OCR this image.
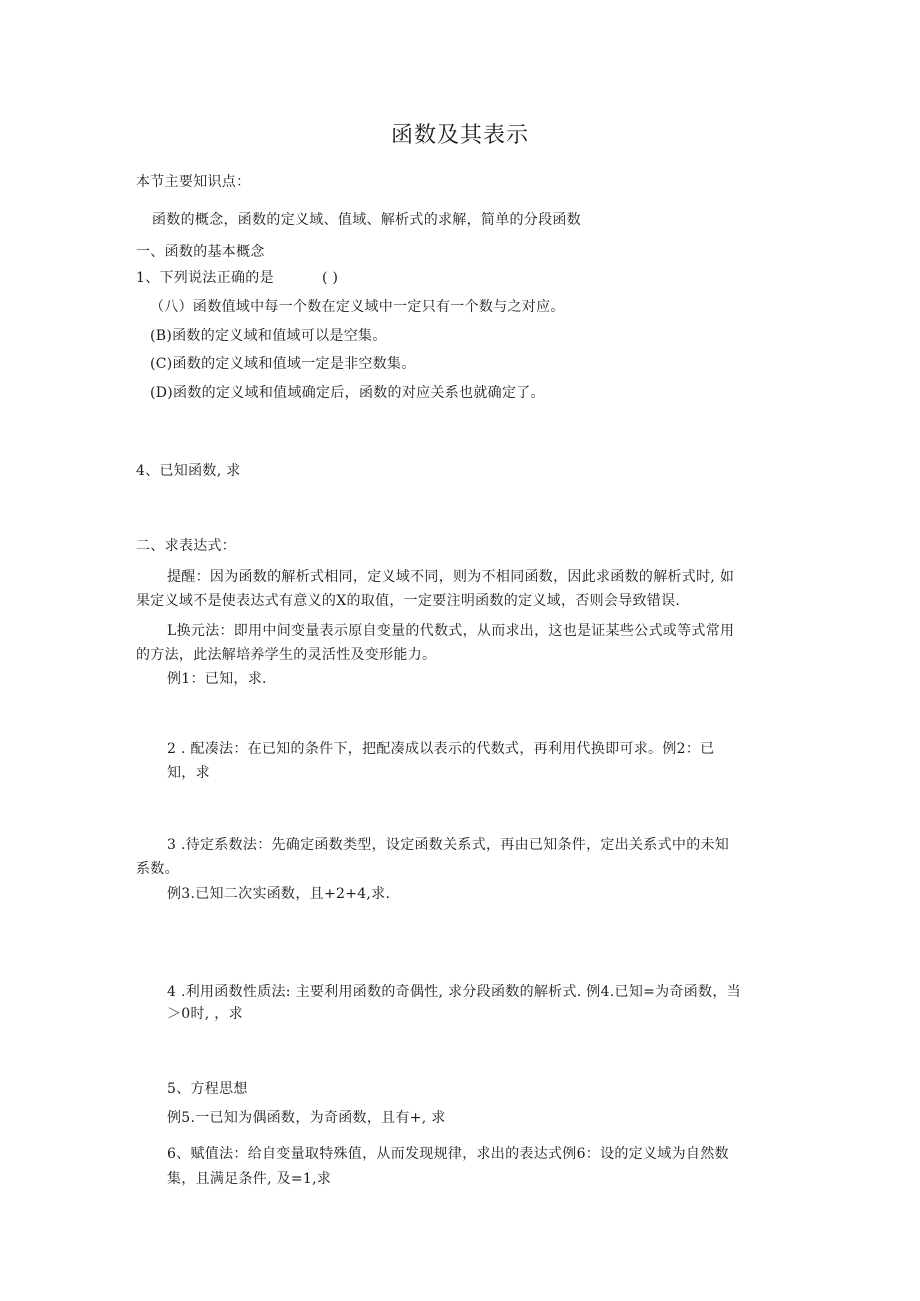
函数及其表示
本节主要知识点：
函数的概念，函数的定义域、值域、解析式的求解，简单的分段函数
一、函数的基本概念
1、下列说法正确的是	( )
（八）函数值域中每一个数在定义域中一定只有一个数与之对应。
(B)函数的定义域和值域可以是空集。
(C)函数的定义域和值域一定是非空数集。
(D)函数的定义域和值域确定后，函数的对应关系也就确定了。
4、已知函数, 求
二、求表达式：
提醒：因为函数的解析式相同，定义域不同，则为不相同函数，因此求函数的解析式时, 如
果定义域不是使表达式有意义的X的取值，一定要注明函数的定义域，否则会导致错误.
L换元法：即用中间变量表示原自变量的代数式，从而求出，这也是证某些公式或等式常用
的方法，此法解培养学生的灵活性及变形能力。
例1：已知，求.
2 . 配凑法：在已知的条件下，把配凑成以表示的代数式，再利用代换即可求。例2：已
知，求
3 .待定系数法：先确定函数类型，设定函数关系式，再由已知条件，定出关系式中的未知
系数。
例3.已知二次实函数，且+2+4,求.
4 .利用函数性质法: 主要利用函数的奇偶性, 求分段函数的解析式. 例4.已知=为奇函数，当
＞0时, ，求
5、方程思想
例5.一已知为偶函数，为奇函数，且有+, 求
6、赋值法：给自变量取特殊值，从而发现规律，求出的表达式例6：设的定义域为自然数
集，且满足条件, 及=1,求
